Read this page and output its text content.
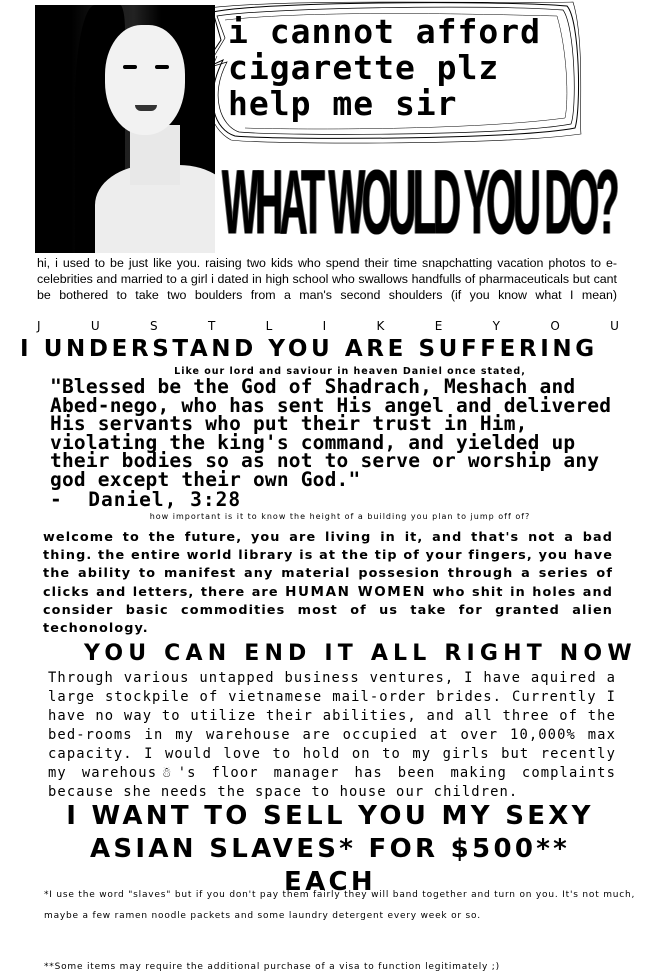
i cannot afford
cigarette plz
help me sir
WHAT WOULD YOU DO?
hi, i used to be just like you. raising two kids who spend their time snapchatting vacation photos to e-celebrities and married to a girl i dated in high school who swallows handfulls of pharmaceuticals but cant be bothered to take two boulders from a man's second shoulders (if you know what I mean)
J	U	S	T	L	I	K	E	Y	O	U
I UNDERSTAND YOU ARE SUFFERING
Like our lord and saviour in heaven Daniel once stated,
"Blessed be the God of Shadrach, Meshach and Abed-nego, who has sent His angel and delivered His servants who put their trust in Him, violating the king's command, and yielded up their bodies so as not to serve or worship any god except their own God."
-  Daniel, 3:28
how important is it to know the height of a building you plan to jump off of?
welcome to the future, you are living in it, and that's not a bad thing. the entire world library is at the tip of your fingers, you have the ability to manifest any material possesion through a series of clicks and letters, there are HUMAN WOMEN who shit in holes and consider basic commodities most of us take for granted alien techonology.
YOU CAN END IT ALL RIGHT NOW
Through various untapped business ventures, I have aquired a large stockpile of vietnamese mail-order brides. Currently I have no way to utilize their abilities, and all three of the bed-rooms in my warehouse are occupied at over 10,000% max capacity. I would love to hold on to my girls but recently my warehous☃'s floor manager has been making complaints because she needs the space to house our children.
I WANT TO SELL YOU MY SEXY
ASIAN SLAVES* FOR $500** EACH
*I use the word "slaves" but if you don't pay them fairly they will band together and turn on you. It's not much, maybe a few ramen noodle packets and some laundry detergent every week or so.
**Some items may require the additional purchase of a visa to function legitimately ;)
